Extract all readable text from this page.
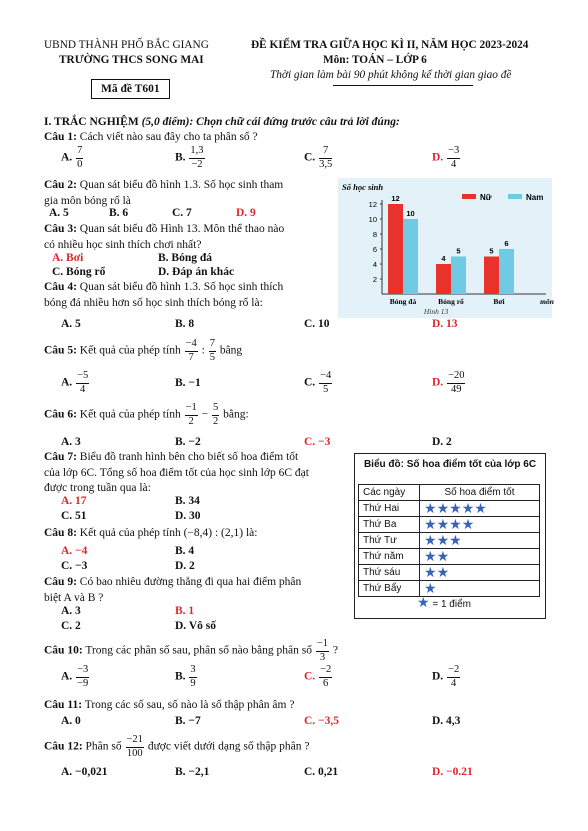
UBND THÀNH PHỐ BẮC GIANG
TRƯỜNG THCS SONG MAI
ĐỀ KIỂM TRA GIỮA HỌC KÌ II, NĂM HỌC 2023-2024
Môn: TOÁN – LỚP 6
Thời gian làm bài 90 phút không kể thời gian giao đề
Mã đề T601
I. TRẮC NGHIỆM (5,0 điểm): Chọn chữ cái đứng trước câu trả lời đúng:
Câu 1: Cách viết nào sau đây cho ta phân số ?
A. $\frac{7}{0}$	B. $\frac{1,3}{-2}$	C. $\frac{7}{3,5}$	D. $\frac{-3}{4}$
Câu 2: Quan sát biểu đồ hình 1.3. Số học sinh tham
gia môn bóng rổ là
A. 5	B. 6	C. 7	D. 9
Câu 3: Quan sát biểu đồ Hình 13. Môn thể thao nào
có nhiều học sinh thích chơi nhất?
A. Bơi	B. Bóng đá
C. Bóng rổ	D. Đáp án khác
Câu 4: Quan sát biểu đồ hình 1.3. Số học sinh thích
bóng đá nhiều hơn số học sinh thích bóng rổ là:
A. 5	B. 8	C. 10	D. 13
Số học sinh
2
4
6
8
10
12
12
10
Bóng đá
4
5
Bóng rổ
5
6
Bơi	môn
Hình 13
Nữ	Nam
Câu 5: Kết quả của phép tính $\frac{-4}{7}$ : $\frac{7}{5}$ bằng
A. $\frac{-5}{4}$	B. −1	C. $\frac{-4}{5}$	D. $\frac{-20}{49}$
Câu 6: Kết quả của phép tính $\frac{-1}{2} - \frac{5}{2}$ bằng:
A. 3	B. −2	C. −3	D. 2
Câu 7: Biểu đồ tranh hình bên cho biết số hoa điểm tốt
của lớp 6C. Tổng số hoa điểm tốt của học sinh lớp 6C đạt
được trong tuần qua là:
A. 17	B. 34
C. 51	D. 30
Câu 8: Kết quả của phép tính (−8,4) : (2,1) là:
A. −4	B. 4
C. −3	D. 2
Biểu đồ: Số hoa điểm tốt của lớp 6C
Các ngày	Số hoa điểm tốt
Thứ Hai	★★★★★
Thứ Ba	★★★★
Thứ Tư	★★★
Thứ năm	★★
Thứ sáu	★★
Thứ Bẩy	★
★ = 1 điểm
Câu 9: Có bao nhiêu đường thẳng đi qua hai điểm phân
biệt A và B ?
A. 3	B. 1
C. 2	D. Vô số
Câu 10: Trong các phân số sau, phân số nào bằng phân số $\frac{-1}{3}$ ?
A. $\frac{-3}{-9}$	B. $\frac{3}{9}$	C. $\frac{-2}{6}$	D. $\frac{-2}{4}$
Câu 11: Trong các số sau, số nào là số thập phân âm ?
A. 0	B. −7	C. −3,5	D. 4,3
Câu 12: Phân số $\frac{-21}{100}$ được viết dưới dạng số thập phân ?
A. −0,021	B. −2,1	C. 0,21	D. −0.21
